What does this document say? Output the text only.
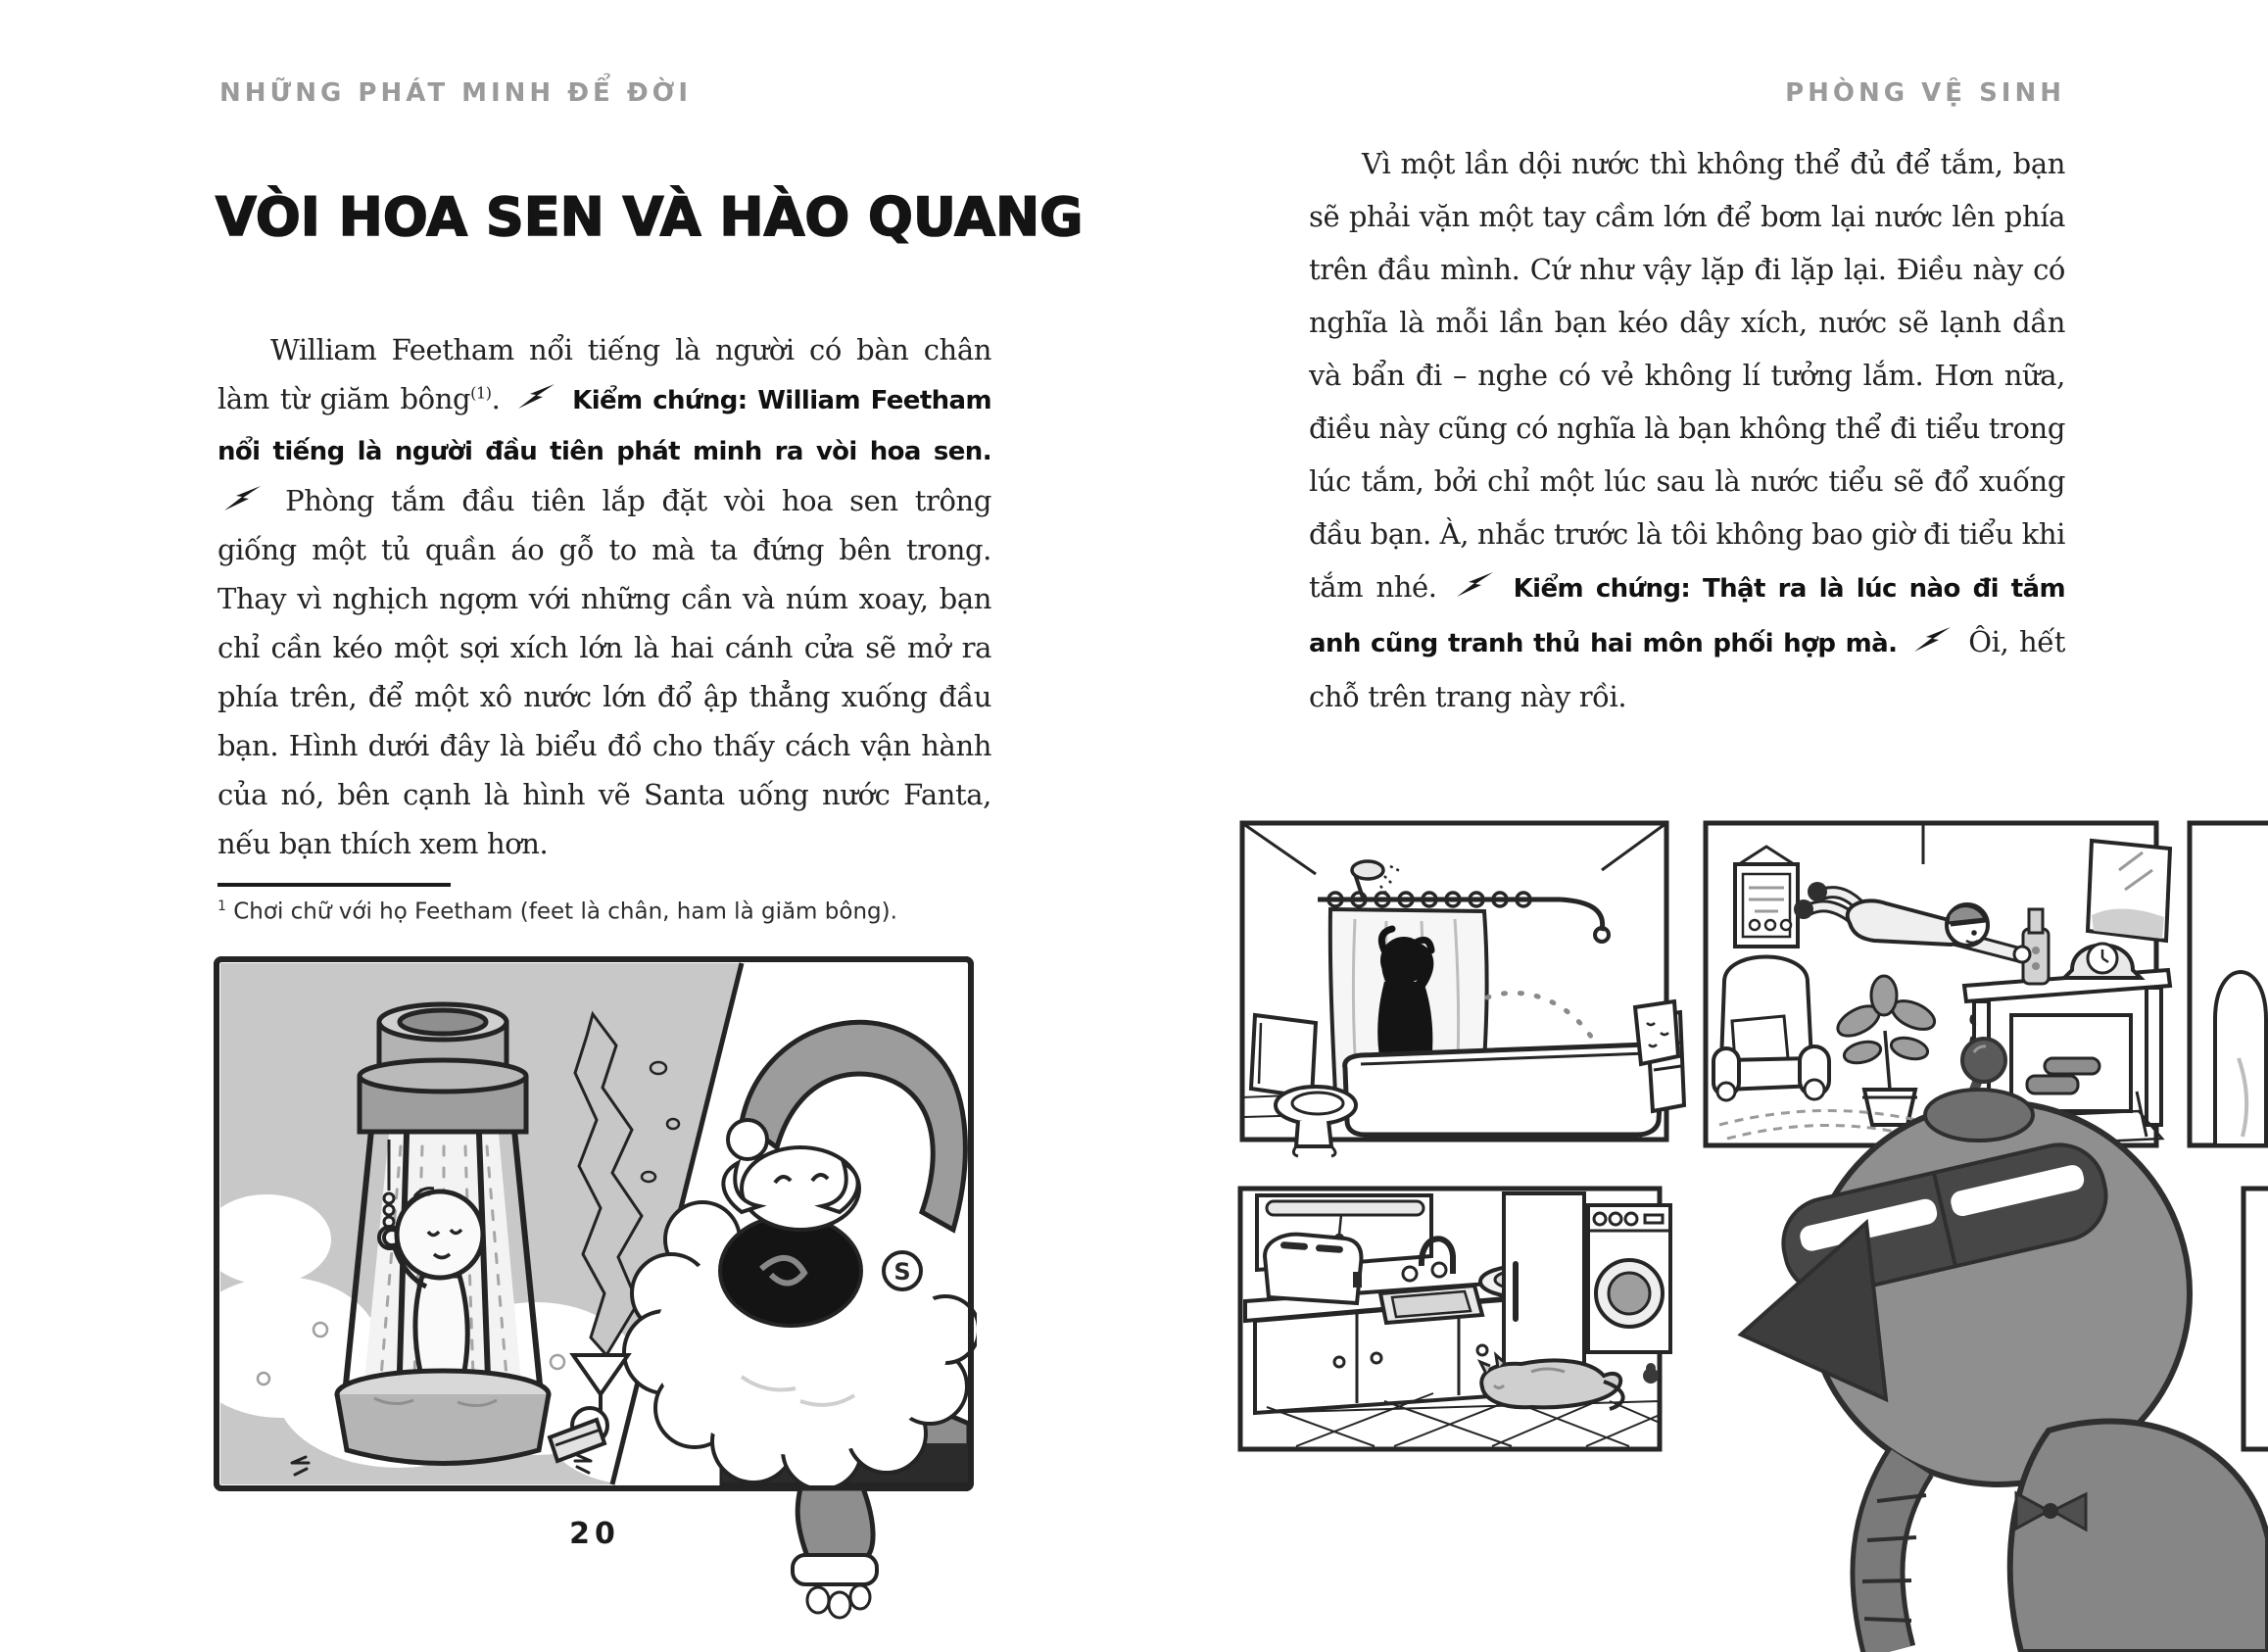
NHỮNG PHÁT MINH ĐỂ ĐỜI
VÒI HOA SEN VÀ HÀO QUANG

William Feetham nổi tiếng là người có bàn chân làm từ giăm bông$^{(1)}$.
Kiểm chứng: William Feetham nổi tiếng là người đầu tiên phát minh ra vòi hoa sen.
Phòng tắm đầu tiên lắp đặt vòi hoa sen trông giống một tủ quần áo gỗ to mà ta đứng bên trong. Thay vì nghịch ngợm với những cần và núm xoay, bạn chỉ cần kéo một sợi xích lớn là hai cánh cửa sẽ mở ra phía trên, để một xô nước lớn đổ ập thẳng xuống đầu bạn. Hình dưới đây là biểu đồ cho thấy cách vận hành của nó, bên cạnh là hình vẽ Santa uống nước Fanta, nếu bạn thích xem hơn.

$^1$ Chơi chữ với họ Feetham (feet là chân, ham là giăm bông).
S
20
PHÒNG VỆ SINH

Vì một lần dội nước thì không thể đủ để tắm, bạn sẽ phải vặn một tay cầm lớn để bơm lại nước lên phía trên đầu mình. Cứ như vậy lặp đi lặp lại. Điều này có nghĩa là mỗi lần bạn kéo dây xích, nước sẽ lạnh dần và bẩn đi – nghe có vẻ không lí tưởng lắm. Hơn nữa, điều này cũng có nghĩa là bạn không thể đi tiểu trong lúc tắm, bởi chỉ một lúc sau là nước tiểu sẽ đổ xuống đầu bạn. À, nhắc trước là tôi không bao giờ đi tiểu khi tắm nhé.
Kiểm chứng: Thật ra là lúc nào đi tắm anh cũng tranh thủ hai môn phối hợp mà.
Ôi, hết chỗ trên trang này rồi.
